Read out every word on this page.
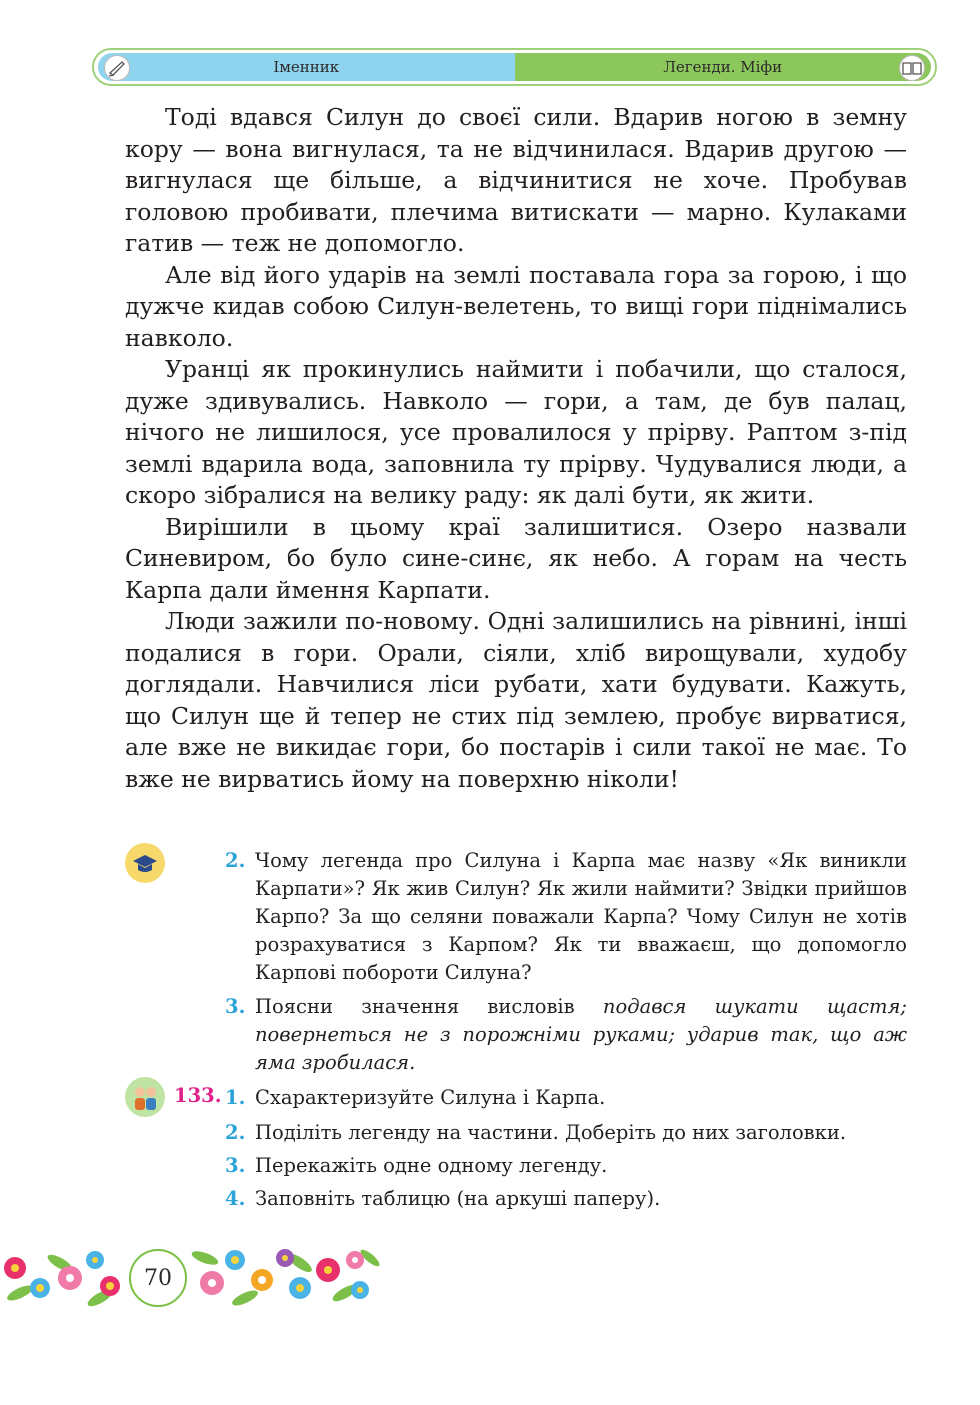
Іменник	Легенди. Міфи

Тоді вдався Силун до своєї сили. Вдарив ногою в земну кору — вона вигнулася, та не відчинилася. Вдарив другою — вигнулася ще більше, а відчинитися не хоче. Пробував головою пробивати, плечима витискати — марно. Кулаками гатив — теж не допомогло.

Але від його ударів на землі поставала гора за горою, і що дужче кидав собою Силун-велетень, то вищі гори піднімались навколо.

Уранці як прокинулись наймити і побачили, що сталося, дуже здивувались. Навколо — гори, а там, де був палац, нічого не лишилося, усе провалилося у прірву. Раптом з-під землі вдарила вода, заповнила ту прірву. Чудувалися люди, а скоро зібралися на велику раду: як далі бути, як жити.

Вирішили в цьому краї залишитися. Озеро назвали Синевиром, бо було сине-синє, як небо. А горам на честь Карпа дали ймення Карпати.

Люди зажили по-новому. Одні залишились на рівнині, інші подалися в гори. Орали, сіяли, хліб вирощували, худобу доглядали. Навчилися ліси рубати, хати будувати. Кажуть, що Силун ще й тепер не стих під землею, пробує вирватися, але вже не викидає гори, бо постарів і сили такої не має. То вже не вирватись йому на поверхню ніколи!

2. Чому легенда про Силуна і Карпа має назву «Як виникли Карпати»? Як жив Силун? Як жили наймити? Звідки прийшов Карпо? За що селяни поважали Карпа? Чому Силун не хотів розрахуватися з Карпом? Як ти вважаєш, що допомогло Карпові побороти Силуна?
3. Поясни значення висловів подався шукати щастя; повернеться не з порожніми руками; ударив так, що аж яма зробилася.
133. 1. Схарактеризуйте Силуна і Карпа.
2. Поділіть легенду на частини. Доберіть до них заголовки.
3. Перекажіть одне одному легенду.
4. Заповніть таблицю (на аркуші паперу).
70
